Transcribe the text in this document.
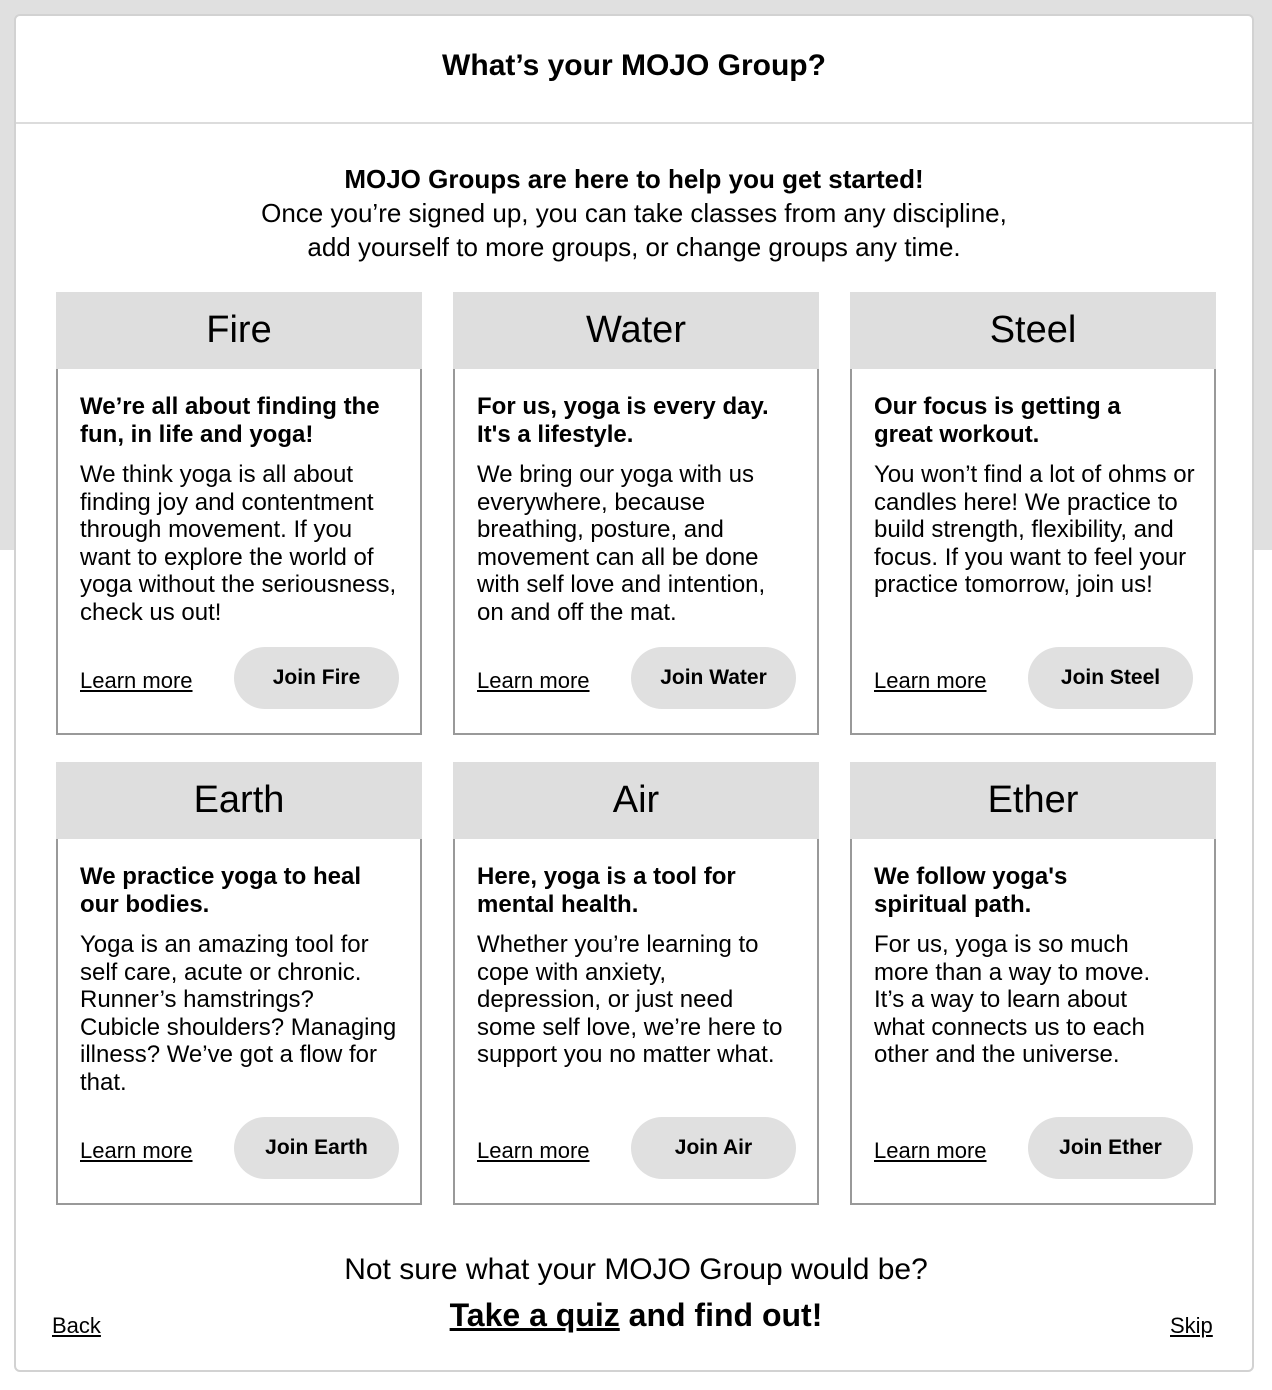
What’s your MOJO Group?
MOJO Groups are here to help you get started!
Once you’re signed up, you can take classes from any discipline,
add yourself to more groups, or change groups any time.
Fire

We’re all about finding the fun, in life and yoga!

We think yoga is all about finding joy and contentment through movement. If you want to explore the world of yoga without the seriousness, check us out!

Learn more	Join Fire
Water

For us, yoga is every day. It's a lifestyle.

We bring our yoga with us everywhere, because breathing, posture, and movement can all be done with self love and intention, on and off the mat.

Learn more	Join Water
Steel

Our focus is getting a great workout.

You won’t find a lot of ohms or candles here! We practice to build strength, flexibility, and focus. If you want to feel your practice tomorrow, join us!

Learn more	Join Steel
Earth

We practice yoga to heal our bodies.

Yoga is an amazing tool for self care, acute or chronic. Runner’s hamstrings? Cubicle shoulders? Managing illness? We’ve got a flow for that.

Learn more	Join Earth
Air

Here, yoga is a tool for mental health.

Whether you’re learning to cope with anxiety, depression, or just need some self love, we’re here to support you no matter what.

Learn more	Join Air
Ether

We follow yoga's spiritual path.

For us, yoga is so much more than a way to move. It’s a way to learn about what connects us to each other and the universe.

Learn more	Join Ether
Not sure what your MOJO Group would be?
Take a quiz and find out!
Back	Skip
